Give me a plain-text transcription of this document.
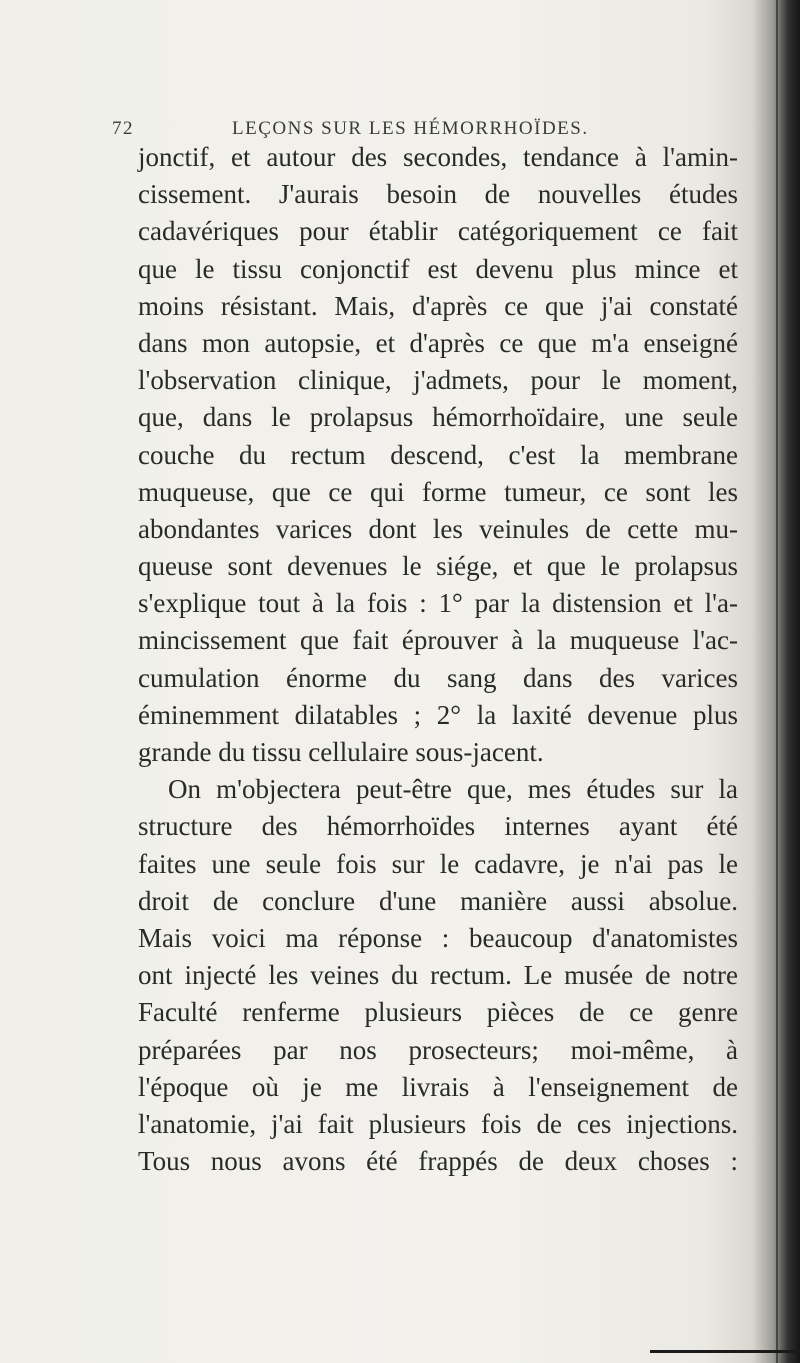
72	LEÇONS SUR LES HÉMORRHOÏDES.
jonctif, et autour des secondes, tendance à l'amin-
cissement. J'aurais besoin de nouvelles études
cadavériques pour établir catégoriquement ce fait
que le tissu conjonctif est devenu plus mince et
moins résistant. Mais, d'après ce que j'ai constaté
dans mon autopsie, et d'après ce que m'a enseigné
l'observation clinique, j'admets, pour le moment,
que, dans le prolapsus hémorrhoïdaire, une seule
couche du rectum descend, c'est la membrane
muqueuse, que ce qui forme tumeur, ce sont les
abondantes varices dont les veinules de cette mu-
queuse sont devenues le siége, et que le prolapsus
s'explique tout à la fois : 1° par la distension et l'a-
mincissement que fait éprouver à la muqueuse l'ac-
cumulation énorme du sang dans des varices
éminemment dilatables ; 2° la laxité devenue plus
grande du tissu cellulaire sous-jacent.
On m'objectera peut-être que, mes études sur la
structure des hémorrhoïdes internes ayant été
faites une seule fois sur le cadavre, je n'ai pas le
droit de conclure d'une manière aussi absolue.
Mais voici ma réponse : beaucoup d'anatomistes
ont injecté les veines du rectum. Le musée de notre
Faculté renferme plusieurs pièces de ce genre
préparées par nos prosecteurs; moi-même, à
l'époque où je me livrais à l'enseignement de
l'anatomie, j'ai fait plusieurs fois de ces injections.
Tous nous avons été frappés de deux choses :
